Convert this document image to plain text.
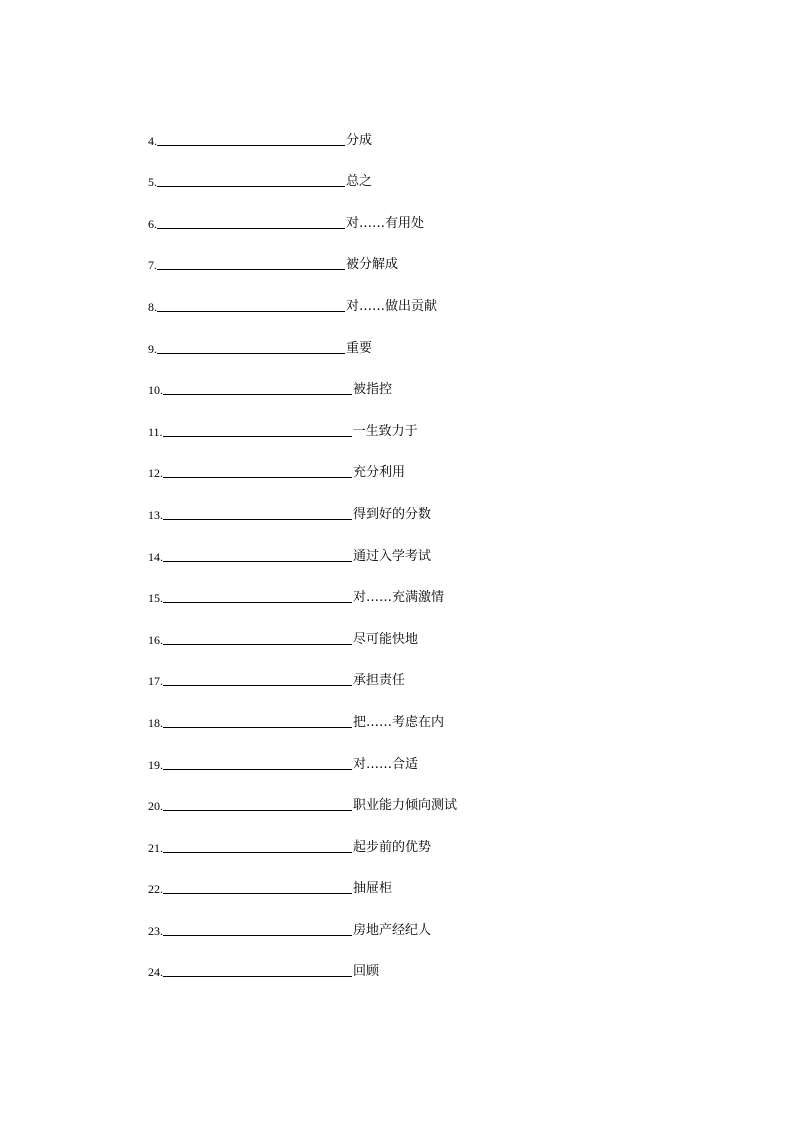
4.	分成
5.	总之
6.	对……有用处
7.	被分解成
8.	对……做出贡献
9.	重要
10.	被指控
11.	一生致力于
12.	充分利用
13.	得到好的分数
14.	通过入学考试
15.	对……充满激情
16.	尽可能快地
17.	承担责任
18.	把……考虑在内
19.	对……合适
20.	职业能力倾向测试
21.	起步前的优势
22.	抽屉柜
23.	房地产经纪人
24.	回顾
